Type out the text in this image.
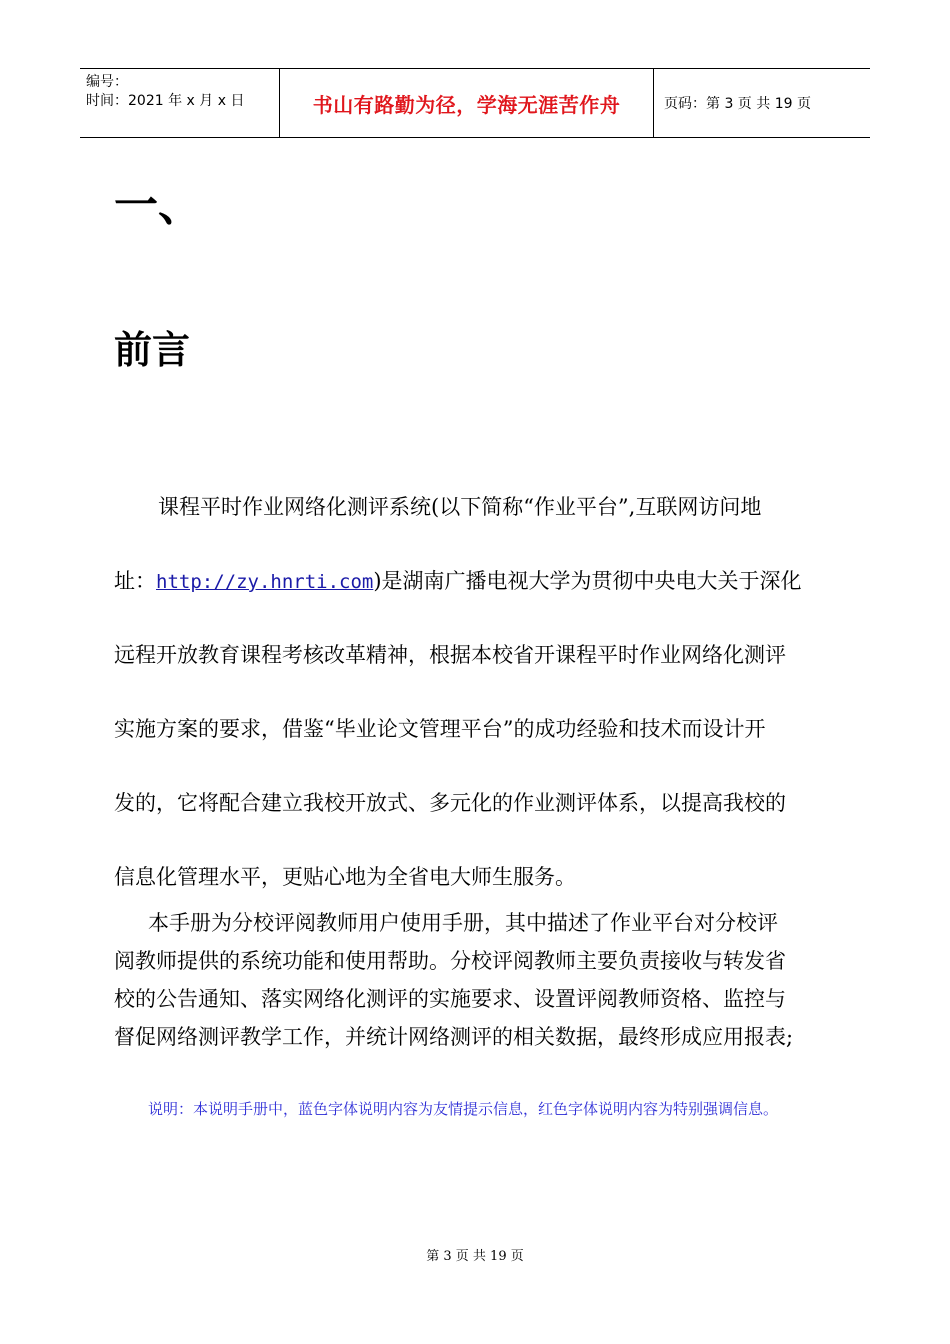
编号：
时间：2021 年 x 月 x 日	书山有路勤为径，学海无涯苦作舟	页码：第 3 页 共 19 页
一、
前言
课程平时作业网络化测评系统(以下简称“作业平台”,互联网访问地
址：http://zy.hnrti.com)是湖南广播电视大学为贯彻中央电大关于深化
远程开放教育课程考核改革精神，根据本校省开课程平时作业网络化测评
实施方案的要求，借鉴“毕业论文管理平台”的成功经验和技术而设计开
发的，它将配合建立我校开放式、多元化的作业测评体系，以提高我校的
信息化管理水平，更贴心地为全省电大师生服务。
本手册为分校评阅教师用户使用手册，其中描述了作业平台对分校评
阅教师提供的系统功能和使用帮助。分校评阅教师主要负责接收与转发省
校的公告通知、落实网络化测评的实施要求、设置评阅教师资格、监控与
督促网络测评教学工作，并统计网络测评的相关数据，最终形成应用报表;
说明：本说明手册中，蓝色字体说明内容为友情提示信息，红色字体说明内容为特别强调信息。
第 3 页 共 19 页
